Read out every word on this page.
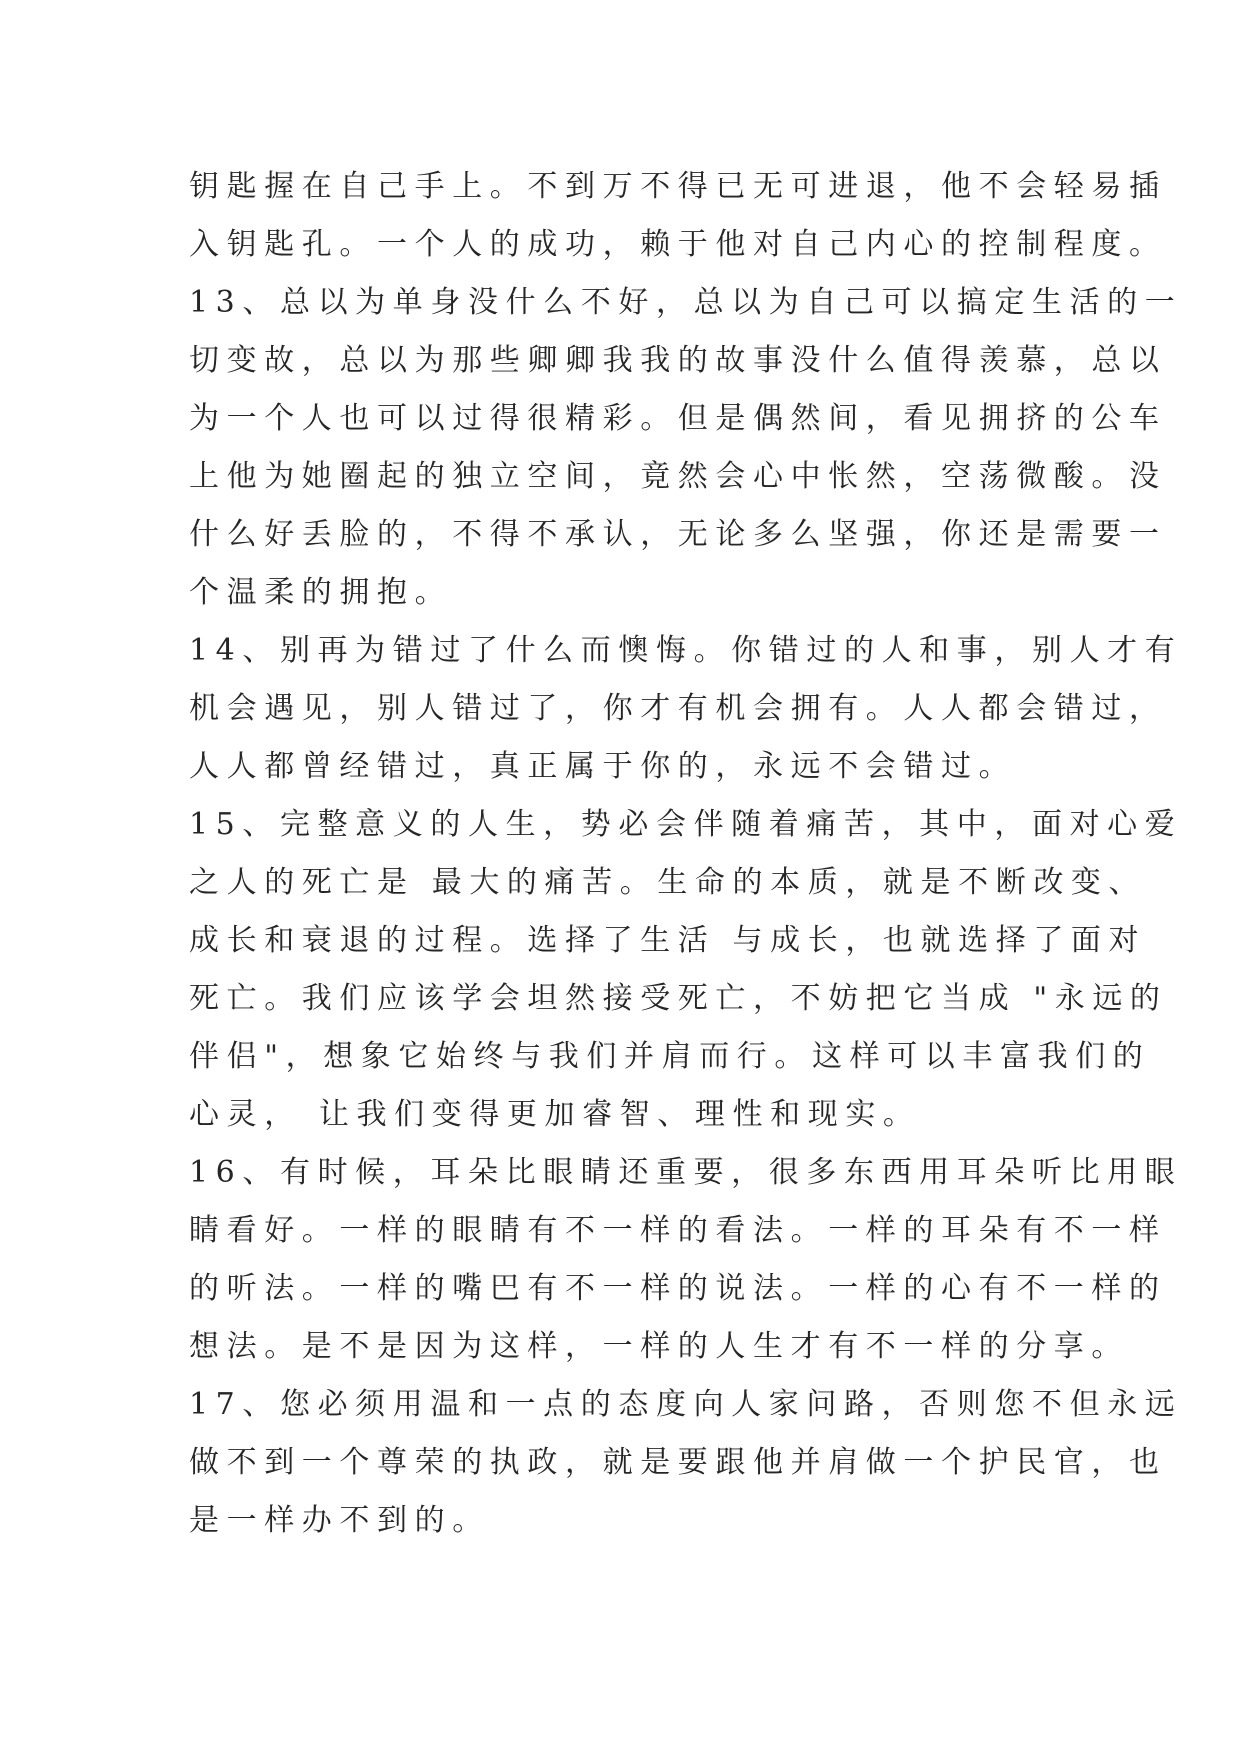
钥匙握在自己手上。不到万不得已无可进退，他不会轻易插
入钥匙孔。一个人的成功，赖于他对自己内心的控制程度。
13、总以为单身没什么不好，总以为自己可以搞定生活的一
切变故，总以为那些卿卿我我的故事没什么值得羡慕，总以
为一个人也可以过得很精彩。但是偶然间，看见拥挤的公车
上他为她圈起的独立空间，竟然会心中怅然，空荡微酸。没
什么好丢脸的，不得不承认，无论多么坚强，你还是需要一
个温柔的拥抱。
14、别再为错过了什么而懊悔。你错过的人和事，别人才有
机会遇见，别人错过了，你才有机会拥有。人人都会错过，
人人都曾经错过，真正属于你的，永远不会错过。
15、完整意义的人生，势必会伴随着痛苦，其中，面对心爱
之人的死亡是 最大的痛苦。生命的本质，就是不断改变、
成长和衰退的过程。选择了生活 与成长，也就选择了面对
死亡。我们应该学会坦然接受死亡，不妨把它当成 "永远的
伴侣"，想象它始终与我们并肩而行。这样可以丰富我们的
心灵， 让我们变得更加睿智、理性和现实。
16、有时候，耳朵比眼睛还重要，很多东西用耳朵听比用眼
睛看好。一样的眼睛有不一样的看法。一样的耳朵有不一样
的听法。一样的嘴巴有不一样的说法。一样的心有不一样的
想法。是不是因为这样，一样的人生才有不一样的分享。
17、您必须用温和一点的态度向人家问路，否则您不但永远
做不到一个尊荣的执政，就是要跟他并肩做一个护民官，也
是一样办不到的。
